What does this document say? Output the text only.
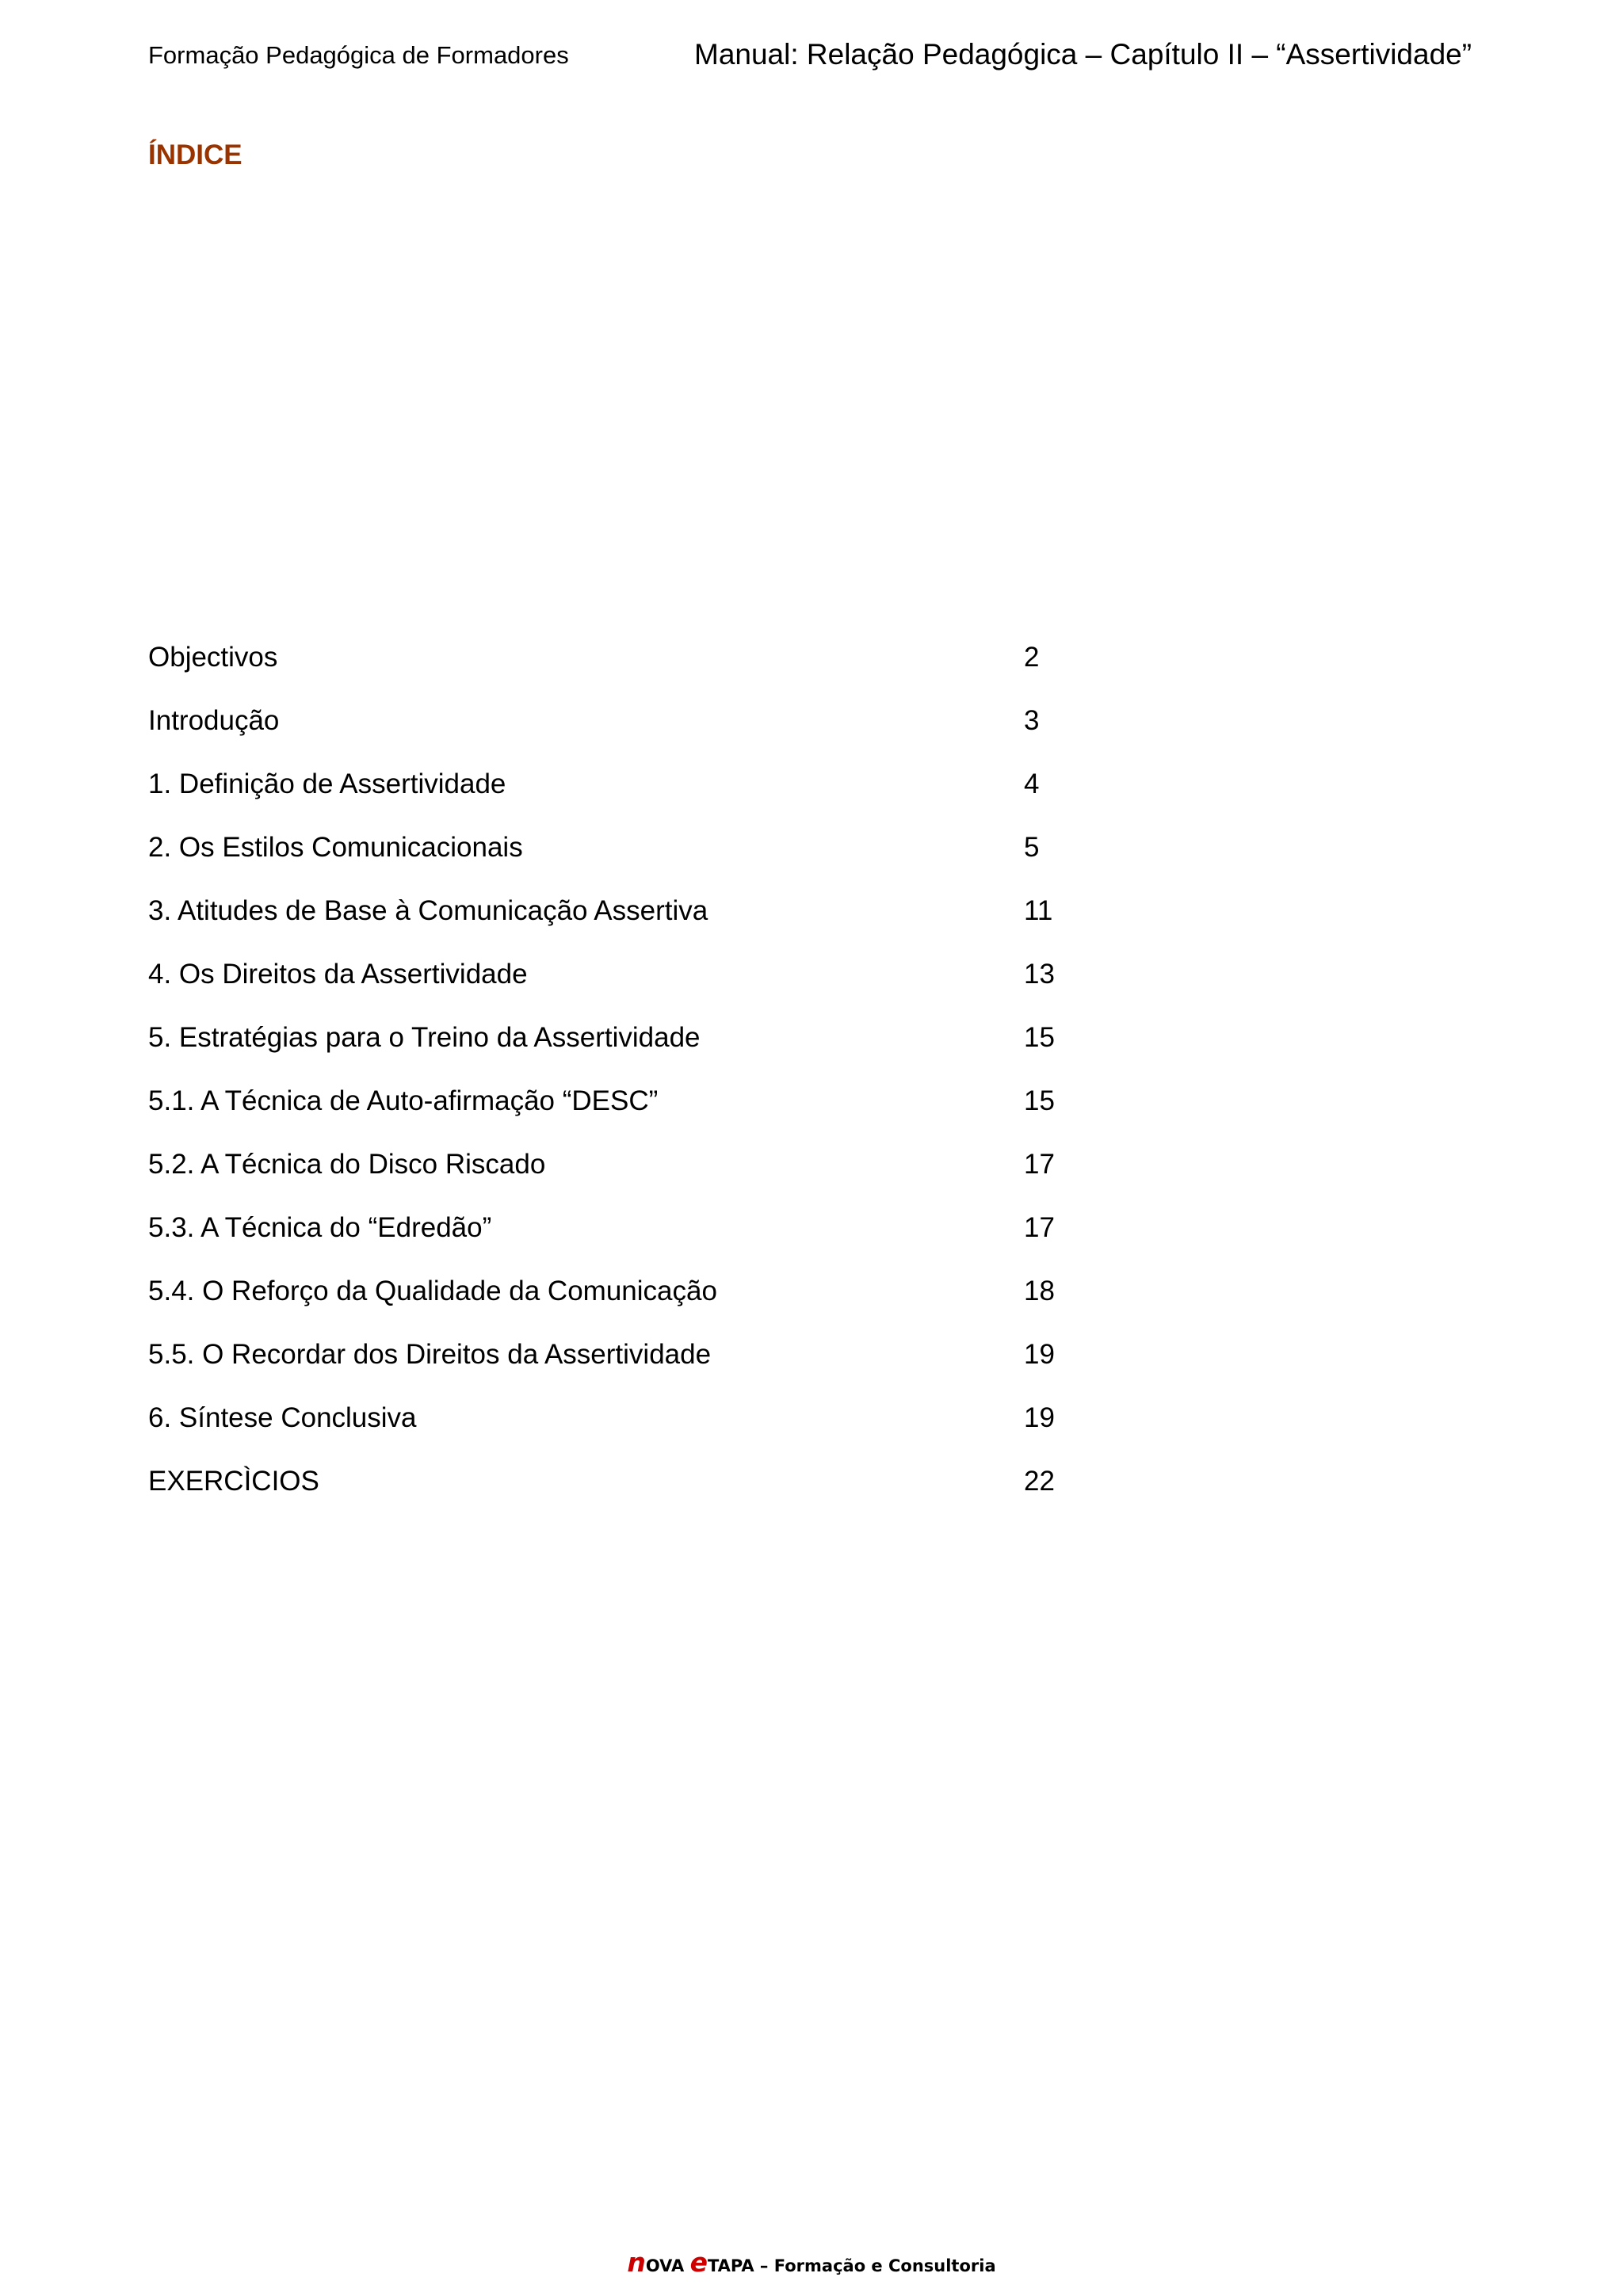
Formação Pedagógica de Formadores	Manual: Relação Pedagógica – Capítulo II – “Assertividade”
ÍNDICE
Objectivos	2
Introdução	3
1. Definição de Assertividade	4
2. Os Estilos Comunicacionais	5
3. Atitudes de Base à Comunicação Assertiva	11
4. Os Direitos da Assertividade	13
5. Estratégias para o Treino da Assertividade	15
5.1. A Técnica de Auto-afirmação “DESC”	15
5.2. A Técnica do Disco Riscado	17
5.3. A Técnica do “Edredão”	17
5.4. O Reforço da Qualidade da Comunicação	18
5.5. O Recordar dos Direitos da Assertividade	19
6. Síntese Conclusiva	19
EXERCÌCIOS	22
nOVA eTAPA – Formação e Consultoria
